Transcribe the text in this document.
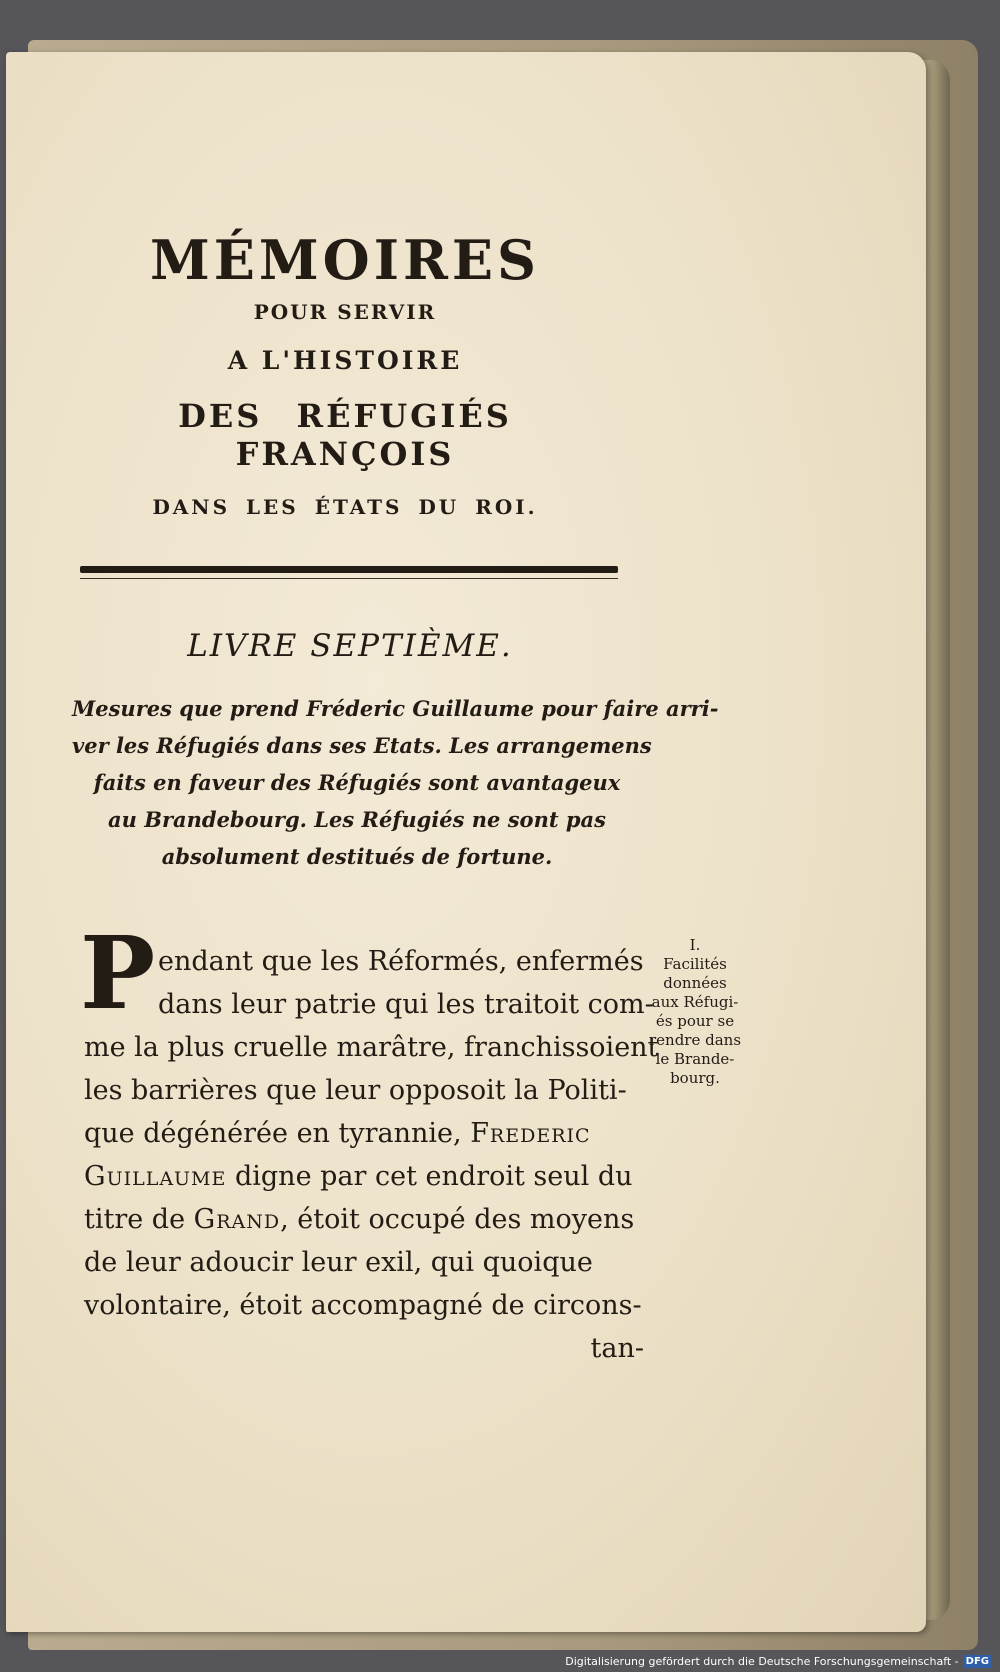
MÉMOIRES
POUR SERVIR
A L'HISTOIRE
DES RÉFUGIÉS FRANÇOIS
DANS LES ÉTATS DU ROI.
LIVRE SEPTIÈME.
Mesures que prend Fréderic Guillaume pour faire arri-
ver les Réfugiés dans ses Etats. Les arrangemens
faits en faveur des Réfugiés sont avantageux
au Brandebourg. Les Réfugiés ne sont pas
absolument destitués de fortune.
P endant que les Réformés, enfermés
dans leur patrie qui les traitoit com-
me la plus cruelle marâtre, franchissoient
les barrières que leur opposoit la Politi-
que dégénérée en tyrannie, Frederic
Guillaume digne par cet endroit seul du
titre de Grand, étoit occupé des moyens
de leur adoucir leur exil, qui quoique
volontaire, étoit accompagné de circons-
tan-
I.
Facilités
données
aux Réfugi-
és pour se
rendre dans
le Brande-
bourg.
Digitalisierung gefördert durch die Deutsche Forschungsgemeinschaft - DFG
